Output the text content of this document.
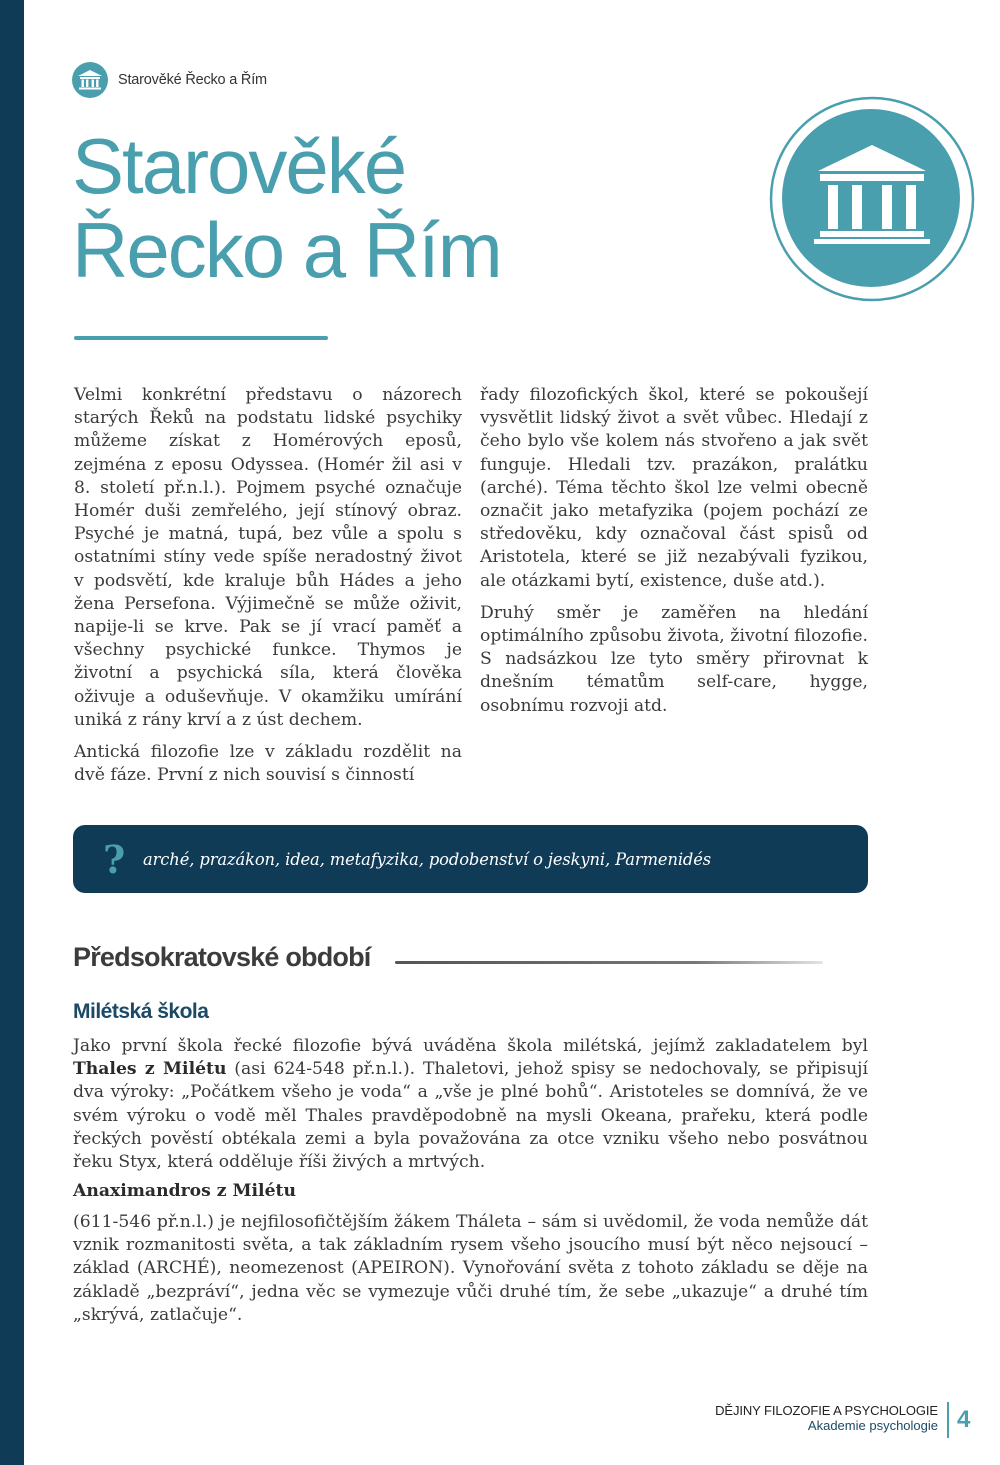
Starověké Řecko a Řím
Starověké
Řecko a Řím

Velmi konkrétní představu o názorech starých Řeků na podstatu lidské psychiky můžeme získat z Homérových eposů, zejména z eposu Odyssea. (Homér žil asi v 8. století př.n.l.). Pojmem psyché označuje Homér duši zemřelého, její stínový obraz. Psyché je matná, tupá, bez vůle a spolu s ostatními stíny vede spíše neradostný život v podsvětí, kde kraluje bůh Hádes a jeho žena Persefona. Výjimečně se může oživit, napije-li se krve. Pak se jí vrací paměť a všechny psychické funkce. Thymos je životní a psychická síla, která člověka oživuje a oduševňuje. V okamžiku umírání uniká z rány krví a z úst dechem.

Antická filozofie lze v základu rozdělit na dvě fáze. První z nich souvisí s činností

řady filozofických škol, které se pokoušejí vysvětlit lidský život a svět vůbec. Hledají z čeho bylo vše kolem nás stvořeno a jak svět funguje. Hledali tzv. prazákon, pralátku (arché). Téma těchto škol lze velmi obecně označit jako metafyzika (pojem pochází ze středověku, kdy označoval část spisů od Aristotela, které se již nezabývali fyzikou, ale otázkami bytí, existence, duše atd.).

Druhý směr je zaměřen na hledání optimálního způsobu života, životní filozofie. S nadsázkou lze tyto směry přirovnat k dnešním tématům self-care, hygge, osobnímu rozvoji atd.

?	arché, prazákon, idea, metafyzika, podobenství o jeskyni, Parmenidés
Předsokratovské období
Milétská škola

Jako první škola řecké filozofie bývá uváděna škola milétská, jejímž zakladatelem byl Thales z Milétu (asi 624-548 př.n.l.). Thaletovi, jehož spisy se nedochovaly, se připisují dva výroky: „Počátkem všeho je voda“ a „vše je plné bohů“. Aristoteles se domnívá, že ve svém výroku o vodě měl Thales pravděpodobně na mysli Okeana, prařeku, která podle řeckých pověstí obtékala zemi a byla považována za otce vzniku všeho nebo posvátnou řeku Styx, která odděluje říši živých a mrtvých.

Anaximandros z Milétu

(611-546 př.n.l.) je nejfilosofičtějším žákem Tháleta – sám si uvědomil, že voda nemůže dát vznik rozmanitosti světa, a tak základním rysem všeho jsoucího musí být něco nejsoucí – základ (ARCHÉ), neomezenost (APEIRON). Vynořování světa z tohoto základu se děje na základě „bezpráví“, jedna věc se vymezuje vůči druhé tím, že sebe „ukazuje“ a druhé tím „skrývá, zatlačuje“.

DĚJINY FILOZOFIE A PSYCHOLOGIE
Akademie psychologie 4
